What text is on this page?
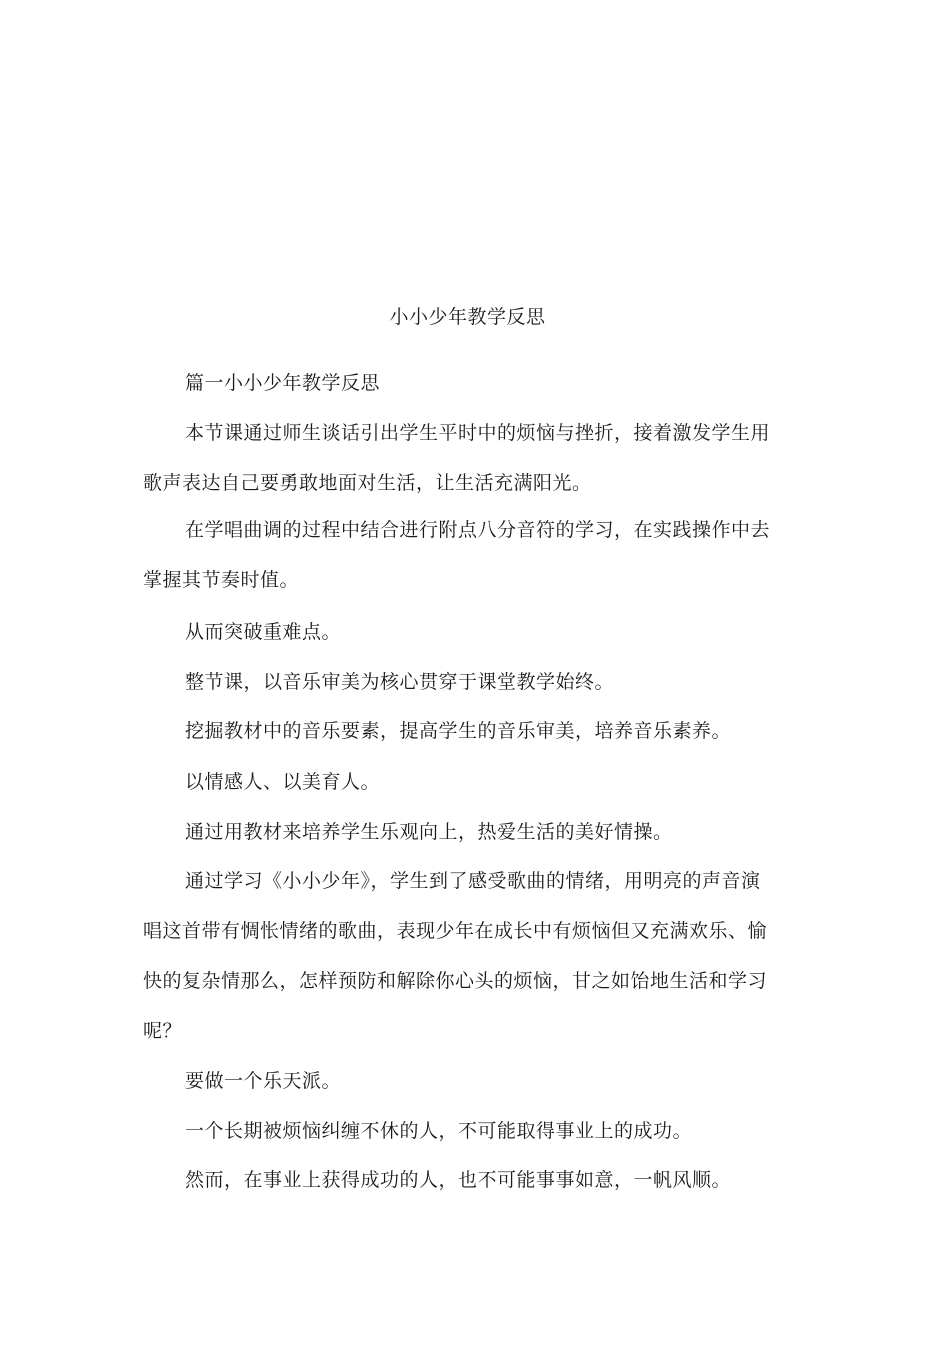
小小少年教学反思
篇一小小少年教学反思
本节课通过师生谈话引出学生平时中的烦恼与挫折，接着激发学生用
歌声表达自己要勇敢地面对生活，让生活充满阳光。
在学唱曲调的过程中结合进行附点八分音符的学习，在实践操作中去
掌握其节奏时值。
从而突破重难点。
整节课，以音乐审美为核心贯穿于课堂教学始终。
挖掘教材中的音乐要素，提高学生的音乐审美，培养音乐素养。
以情感人、以美育人。
通过用教材来培养学生乐观向上，热爱生活的美好情操。
通过学习《小小少年》，学生到了感受歌曲的情绪，用明亮的声音演
唱这首带有惆怅情绪的歌曲，表现少年在成长中有烦恼但又充满欢乐、愉
快的复杂情那么，怎样预防和解除你心头的烦恼，甘之如饴地生活和学习
呢？
要做一个乐天派。
一个长期被烦恼纠缠不休的人，不可能取得事业上的成功。
然而，在事业上获得成功的人，也不可能事事如意，一帆风顺。
